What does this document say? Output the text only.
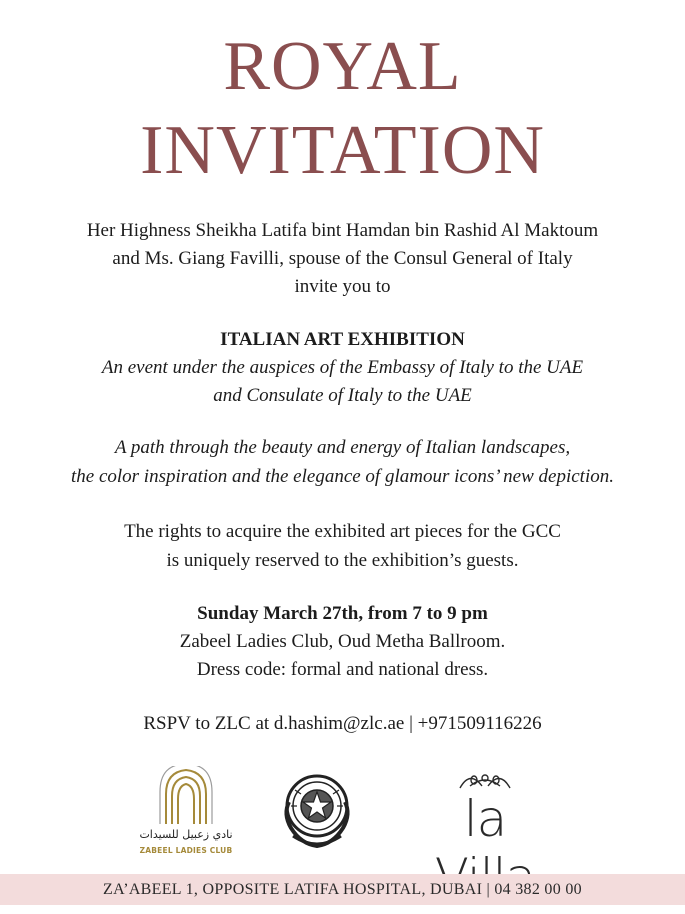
ROYAL
INVITATION
Her Highness Sheikha Latifa bint Hamdan bin Rashid Al Maktoum
and Ms. Giang Favilli, spouse of the Consul General of Italy
invite you to
ITALIAN ART EXHIBITION
An event under the auspices of the Embassy of Italy to the UAE
and Consulate of Italy to the UAE
A path through the beauty and energy of Italian landscapes,
the color inspiration and the elegance of glamour icons’ new depiction.
The rights to acquire the exhibited art pieces for the GCC
is uniquely reserved to the exhibition’s guests.
Sunday March 27th, from 7 to 9 pm
Zabeel Ladies Club, Oud Metha Ballroom.
Dress code: formal and national dress.
RSPV to ZLC at d.hashim@zlc.ae | +971509116226
نادي زعبيل للسيدات
ZABEEL LADIES CLUB
la
ZA’ABEEL 1, OPPOSITE LATIFA HOSPITAL, DUBAI | 04 382 00 00
